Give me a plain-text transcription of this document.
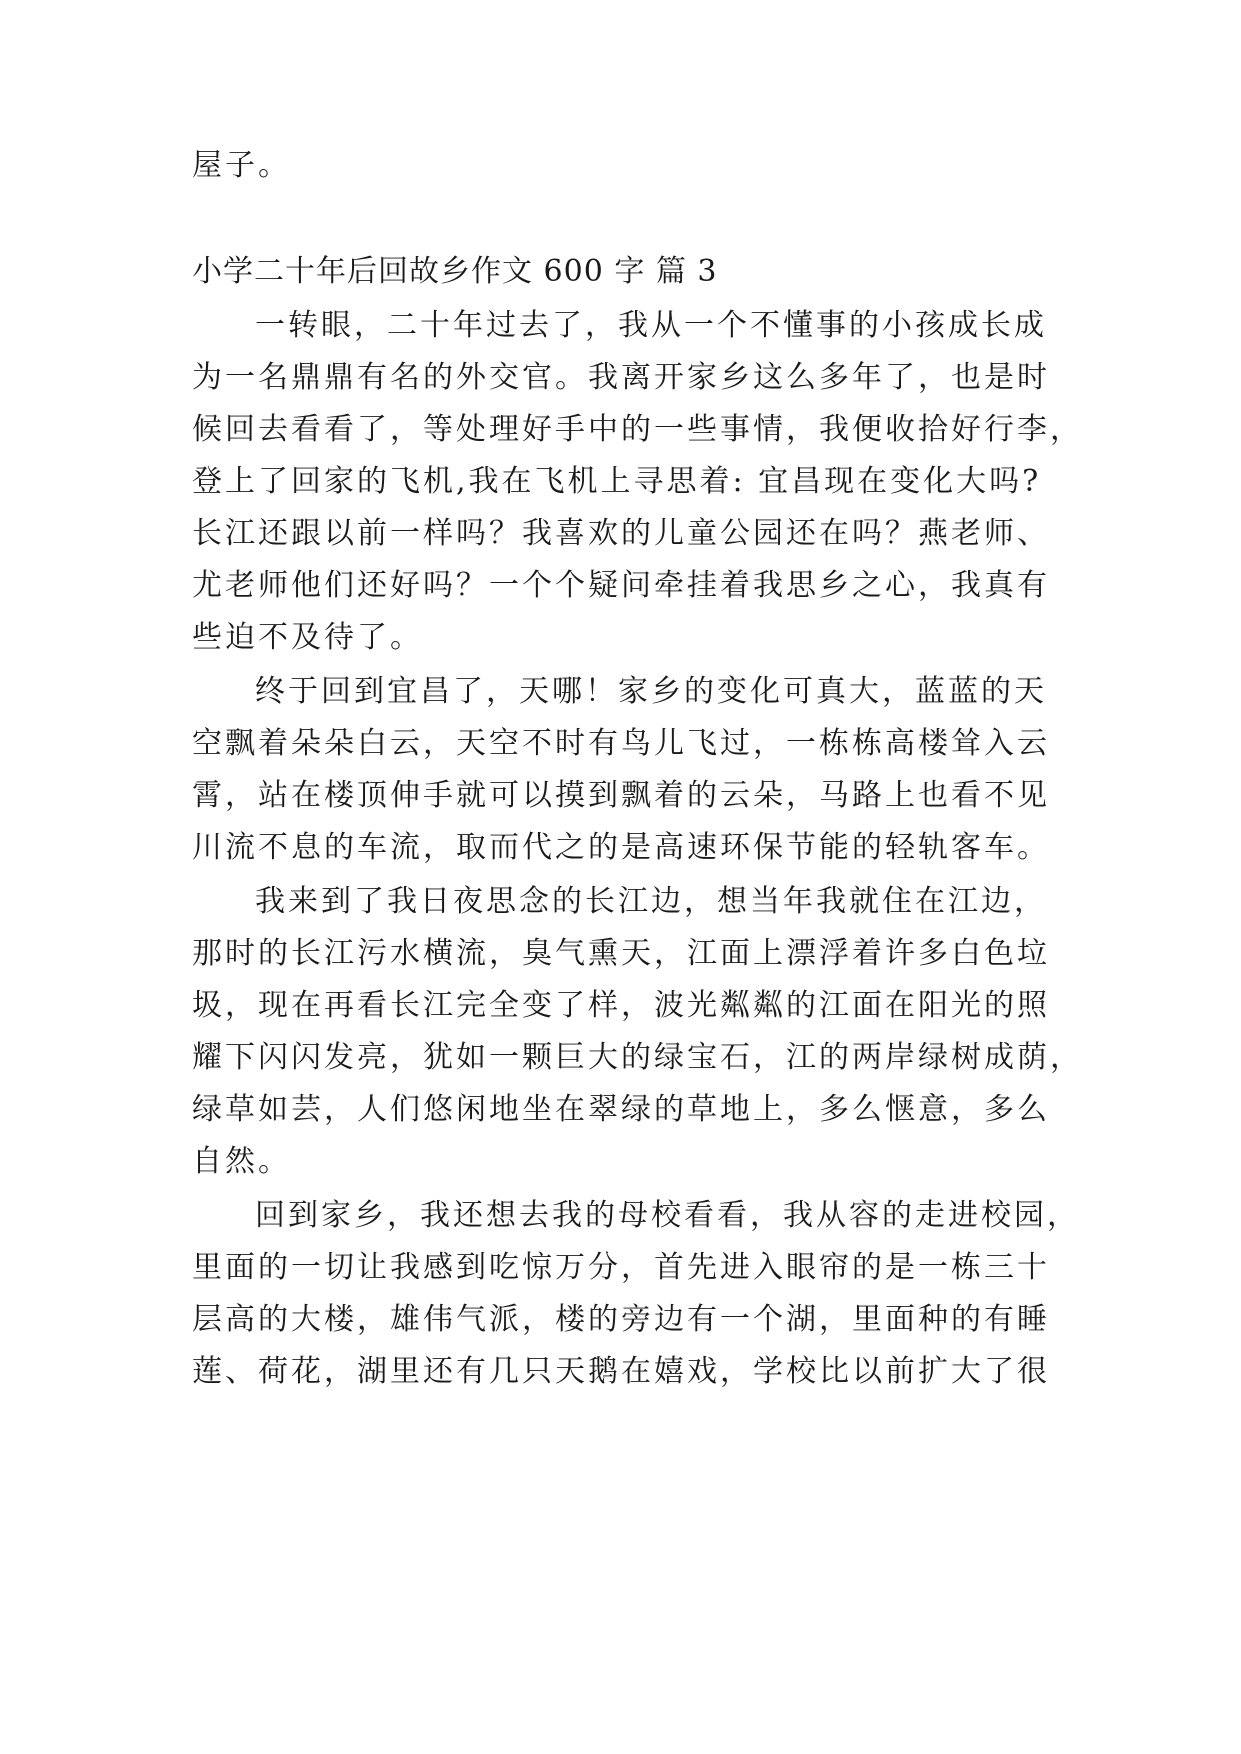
屋子。
小学二十年后回故乡作文 600 字 篇 3
一转眼，二十年过去了，我从一个不懂事的小孩成长成
为一名鼎鼎有名的外交官。我离开家乡这么多年了，也是时
候回去看看了，等处理好手中的一些事情，我便收拾好行李，
登上了回家的飞机,我在飞机上寻思着: 宜昌现在变化大吗?
长江还跟以前一样吗？我喜欢的儿童公园还在吗？燕老师、
尤老师他们还好吗？一个个疑问牵挂着我思乡之心，我真有
些迫不及待了。
终于回到宜昌了，天哪！家乡的变化可真大，蓝蓝的天
空飘着朵朵白云，天空不时有鸟儿飞过，一栋栋高楼耸入云
霄，站在楼顶伸手就可以摸到飘着的云朵，马路上也看不见
川流不息的车流，取而代之的是高速环保节能的轻轨客车。
我来到了我日夜思念的长江边，想当年我就住在江边，
那时的长江污水横流，臭气熏天，江面上漂浮着许多白色垃
圾，现在再看长江完全变了样，波光粼粼的江面在阳光的照
耀下闪闪发亮，犹如一颗巨大的绿宝石，江的两岸绿树成荫，
绿草如芸，人们悠闲地坐在翠绿的草地上，多么惬意，多么
自然。
回到家乡，我还想去我的母校看看，我从容的走进校园，
里面的一切让我感到吃惊万分，首先进入眼帘的是一栋三十
层高的大楼，雄伟气派，楼的旁边有一个湖，里面种的有睡
莲、荷花，湖里还有几只天鹅在嬉戏，学校比以前扩大了很
